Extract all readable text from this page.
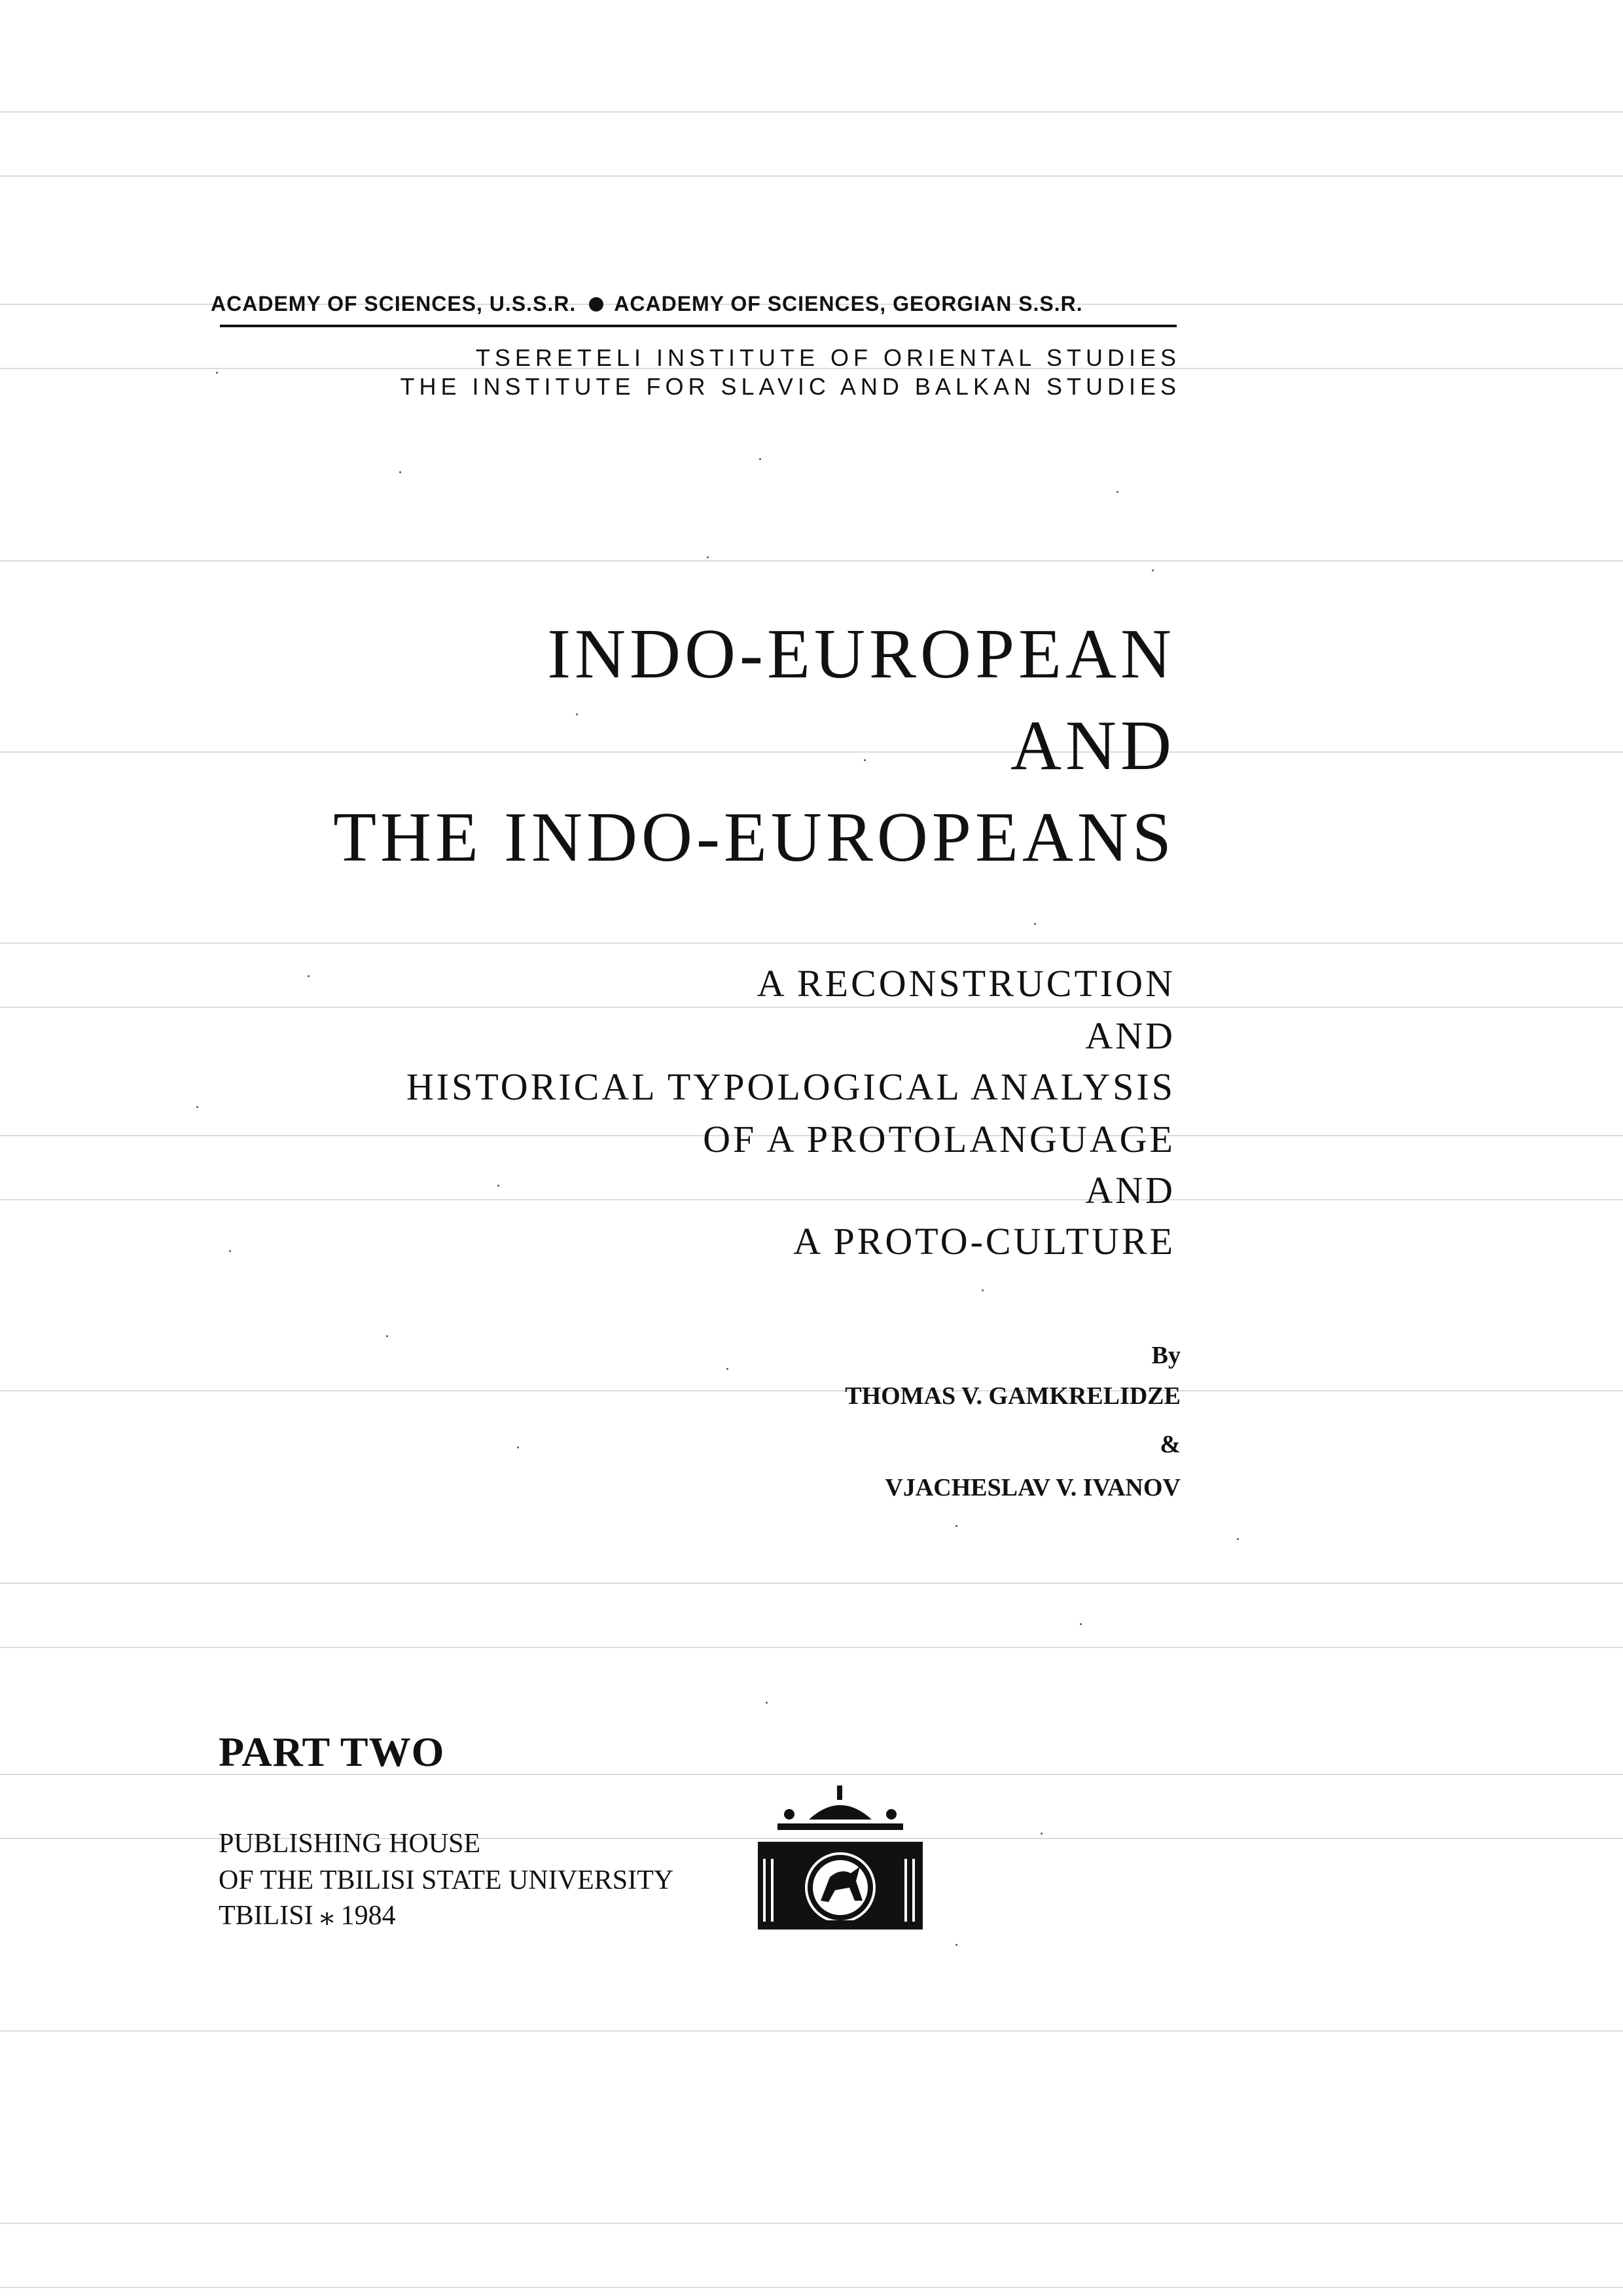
ACADEMY OF SCIENCES, U.S.S.R. ACADEMY OF SCIENCES, GEORGIAN S.S.R.
TSERETELI INSTITUTE OF ORIENTAL STUDIES
THE INSTITUTE FOR SLAVIC AND BALKAN STUDIES
INDO-EUROPEAN
AND
THE INDO-EUROPEANS
A RECONSTRUCTION
AND
HISTORICAL TYPOLOGICAL ANALYSIS
OF A PROTOLANGUAGE
AND
A PROTO-CULTURE
By
THOMAS V. GAMKRELIDZE
&
VJACHESLAV V. IVANOV
PART TWO
PUBLISHING HOUSE
OF THE TBILISI STATE UNIVERSITY
TBILISI ⁎ 1984
